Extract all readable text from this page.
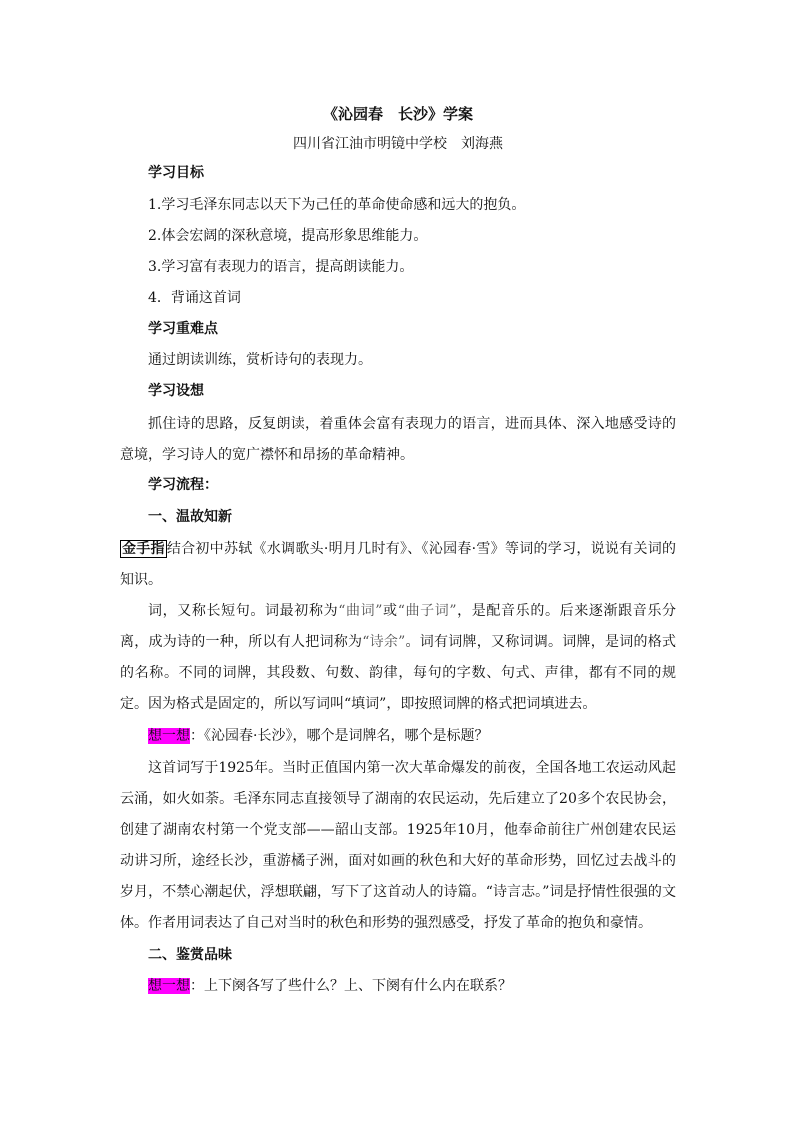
《沁园春　长沙》学案
四川省江油市明镜中学校　刘海燕
学习目标
1.学习毛泽东同志以天下为己任的革命使命感和远大的抱负。
2.体会宏阔的深秋意境，提高形象思维能力。
3.学习富有表现力的语言，提高朗读能力。
4．背诵这首词
学习重难点
通过朗读训练，赏析诗句的表现力。
学习设想
抓住诗的思路，反复朗读，着重体会富有表现力的语言，进而具体、深入地感受诗的意境，学习诗人的宽广襟怀和昂扬的革命精神。
学习流程：
一、温故知新
金手指 结合初中苏轼《水调歌头·明月几时有》、《沁园春·雪》等词的学习，说说有关词的知识。
词，又称长短句。词最初称为“曲词”或“曲子词”，是配音乐的。后来逐渐跟音乐分离，成为诗的一种，所以有人把词称为“诗余”。词有词牌，又称词调。词牌，是词的格式的名称。不同的词牌，其段数、句数、韵律，每句的字数、句式、声律，都有不同的规定。因为格式是固定的，所以写词叫“填词”，即按照词牌的格式把词填进去。
想一想：《沁园春·长沙》，哪个是词牌名，哪个是标题？
这首词写于1925年。当时正值国内第一次大革命爆发的前夜，全国各地工农运动风起云涌，如火如荼。毛泽东同志直接领导了湖南的农民运动，先后建立了20多个农民协会，创建了湖南农村第一个党支部——韶山支部。1925年10月，他奉命前往广州创建农民运动讲习所，途经长沙，重游橘子洲，面对如画的秋色和大好的革命形势，回忆过去战斗的岁月，不禁心潮起伏，浮想联翩，写下了这首动人的诗篇。“诗言志。”词是抒情性很强的文体。作者用词表达了自己对当时的秋色和形势的强烈感受，抒发了革命的抱负和豪情。
二、鉴赏品味
想一想：上下阕各写了些什么？上、下阕有什么内在联系？
